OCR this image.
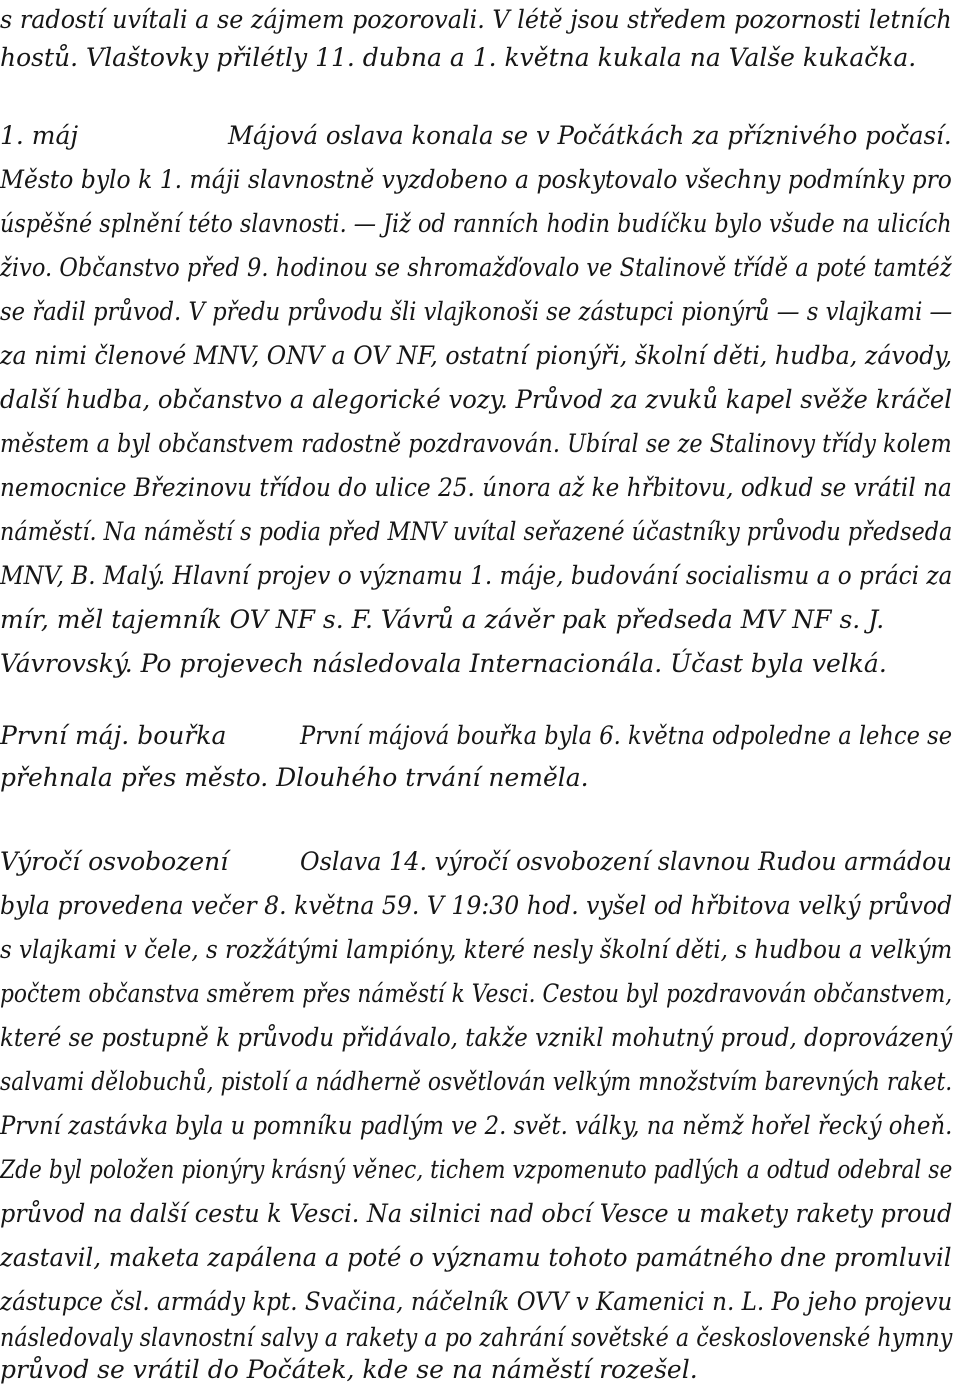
s radostí uvítali a se zájmem pozorovali. V létě jsou středem pozornosti letních
hostů. Vlaštovky přilétly 11. dubna a 1. května kukala na Valše kukačka.
1. máj	Májová oslava konala se v Počátkách za příznivého počasí.
Město bylo k 1. máji slavnostně vyzdobeno a poskytovalo všechny podmínky pro
úspěšné splnění této slavnosti. — Již od ranních hodin budíčku bylo všude na ulicích
živo. Občanstvo před 9. hodinou se shromažďovalo ve Stalinově třídě a poté tamtéž
se řadil průvod. V předu průvodu šli vlajkonoši se zástupci pionýrů — s vlajkami —
za nimi členové MNV, ONV a OV NF, ostatní pionýři, školní děti, hudba, závody,
další hudba, občanstvo a alegorické vozy. Průvod za zvuků kapel svěže kráčel
městem a byl občanstvem radostně pozdravován. Ubíral se ze Stalinovy třídy kolem
nemocnice Březinovu třídou do ulice 25. února až ke hřbitovu, odkud se vrátil na
náměstí. Na náměstí s podia před MNV uvítal seřazené účastníky průvodu předseda
MNV, B. Malý. Hlavní projev o významu 1. máje, budování socialismu a o práci za
mír, měl tajemník OV NF s. F. Vávrů a závěr pak předseda MV NF s. J.
Vávrovský. Po projevech následovala Internacionála. Účast byla velká.
První máj. bouřka	První májová bouřka byla 6. května odpoledne a lehce se
přehnala přes město. Dlouhého trvání neměla.
Výročí osvobození	Oslava 14. výročí osvobození slavnou Rudou armádou
byla provedena večer 8. května 59. V 19:30 hod. vyšel od hřbitova velký průvod
s vlajkami v čele, s rozžátými lampióny, které nesly školní děti, s hudbou a velkým
počtem občanstva směrem přes náměstí k Vesci. Cestou byl pozdravován občanstvem,
které se postupně k průvodu přidávalo, takže vznikl mohutný proud, doprovázený
salvami dělobuchů, pistolí a nádherně osvětlován velkým množstvím barevných raket.
První zastávka byla u pomníku padlým ve 2. svět. války, na němž hořel řecký oheň.
Zde byl položen pionýry krásný věnec, tichem vzpomenuto padlých a odtud odebral se
průvod na další cestu k Vesci. Na silnici nad obcí Vesce u makety rakety proud
zastavil, maketa zapálena a poté o významu tohoto památného dne promluvil
zástupce čsl. armády kpt. Svačina, náčelník OVV v Kamenici n. L. Po jeho projevu
následovaly slavnostní salvy a rakety a po zahrání sovětské a československé hymny
průvod se vrátil do Počátek, kde se na náměstí rozešel.
